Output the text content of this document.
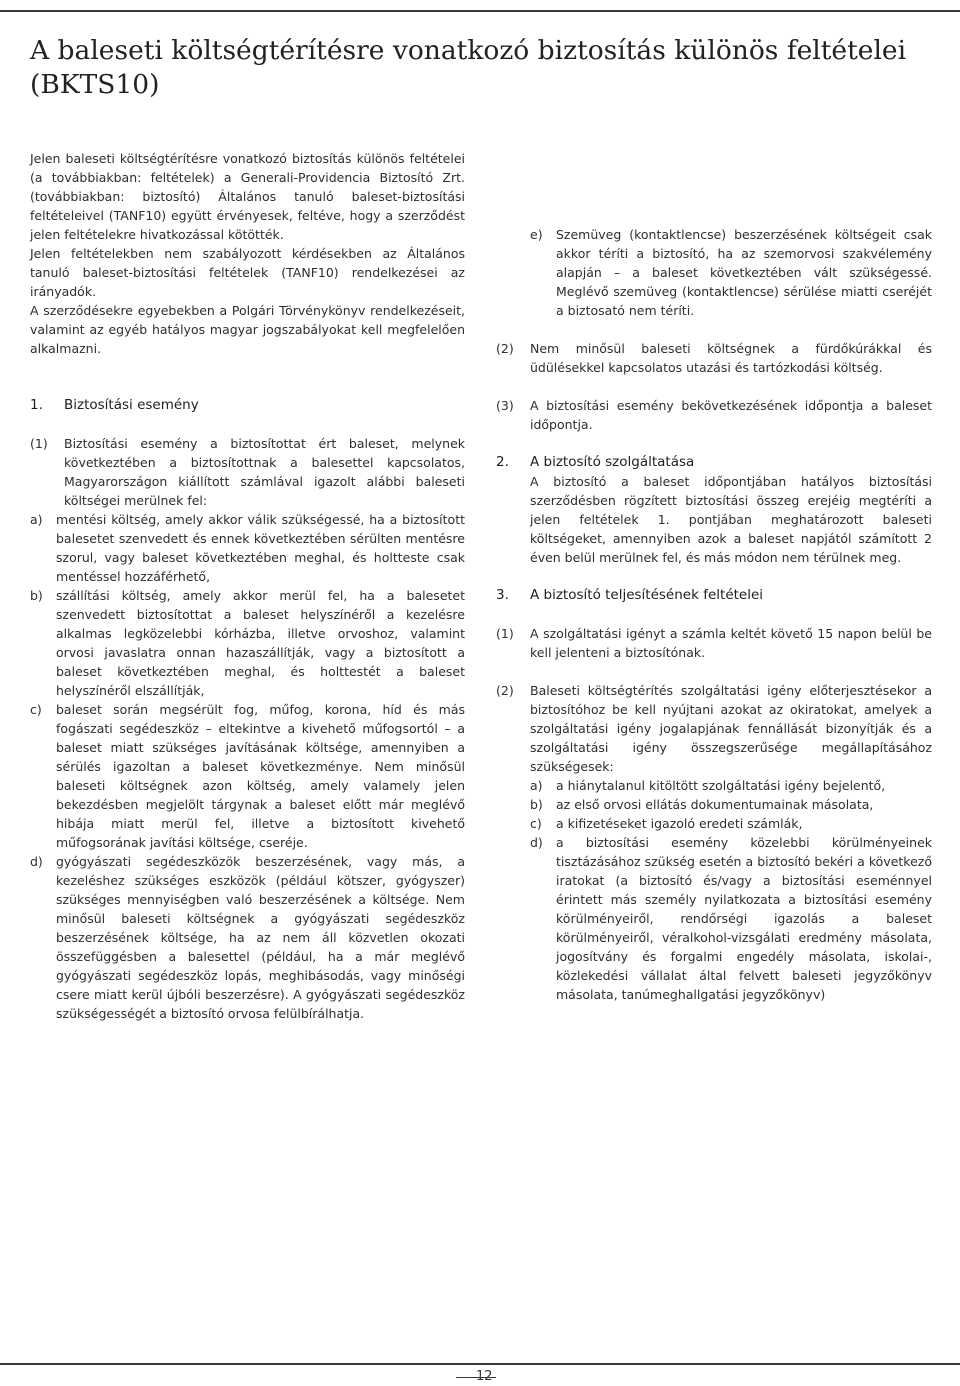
A baleseti költségtérítésre vonatkozó biztosítás különös feltételei (BKTS10)

Jelen baleseti költségtérítésre vonatkozó biztosítás különös feltételei (a továbbiakban: feltételek) a Generali-Providencia Biztosító Zrt. (továbbiakban: biztosító) Általános tanuló baleset-biztosítási feltételeivel (TANF10) együtt érvényesek, feltéve, hogy a szerződést jelen feltételekre hivatkozással kötötték.

Jelen feltételekben nem szabályozott kérdésekben az Általános tanuló baleset-biztosítási feltételek (TANF10) rendelkezései az irányadók.

A szerződésekre egyebekben a Polgári Törvénykönyv rendelkezéseit, valamint az egyéb hatályos magyar jogszabályokat kell megfelelően alkalmazni.

1. Biztosítási esemény
(1) Biztosítási esemény a biztosítottat ért baleset, melynek következtében a biztosítottnak a balesettel kapcsolatos, Magyarországon kiállított számlával igazolt alábbi baleseti költségei merülnek fel:
a) mentési költség, amely akkor válik szükségessé, ha a biztosított balesetet szenvedett és ennek következtében sérülten mentésre szorul, vagy baleset következtében meghal, és holtteste csak mentéssel hozzáférhető,
b) szállítási költség, amely akkor merül fel, ha a balesetet szenvedett biztosítottat a baleset helyszínéről a kezelésre alkalmas legközelebbi kórházba, illetve orvoshoz, valamint orvosi javaslatra onnan hazaszállítják, vagy a biztosított a baleset következtében meghal, és holttestét a baleset helyszínéről elszállítják,
c) baleset során megsérült fog, műfog, korona, híd és más fogászati segédeszköz – eltekintve a kivehető műfogsortól – a baleset miatt szükséges javításának költsége, amennyiben a sérülés igazoltan a baleset következménye. Nem minősül baleseti költségnek azon költség, amely valamely jelen bekezdésben megjelölt tárgynak a baleset előtt már meglévő hibája miatt merül fel, illetve a biztosított kivehető műfogsorának javítási költsége, cseréje.
d) gyógyászati segédeszközök beszerzésének, vagy más, a kezeléshez szükséges eszközök (például kötszer, gyógyszer) szükséges mennyiségben való beszerzésének a költsége. Nem minősül baleseti költségnek a gyógyászati segédeszköz beszerzésének költsége, ha az nem áll közvetlen okozati összefüggésben a balesettel (például, ha a már meglévő gyógyászati segédeszköz lopás, meghibásodás, vagy minőségi csere miatt kerül újbóli beszerzésre). A gyógyászati segédeszköz szükségességét a biztosító orvosa felülbírálhatja.
e) Szemüveg (kontaktlencse) beszerzésének költségeit csak akkor téríti a biztosító, ha az szemorvosi szakvélemény alapján – a baleset következtében vált szükségessé. Meglévő szemüveg (kontaktlencse) sérülése miatti cseréjét a biztosató nem téríti.

(2) Nem minősül baleseti költségnek a fürdőkúrákkal és üdülésekkel kapcsolatos utazási és tartózkodási költség.
(3) A biztosítási esemény bekövetkezésének időpontja a baleset időpontja.
2. A biztosító szolgáltatása

A biztosító a baleset időpontjában hatályos biztosítási szerződésben rögzített biztosítási összeg erejéig megtéríti a jelen feltételek 1. pontjában meghatározott baleseti költségeket, amennyiben azok a baleset napjától számított 2 éven belül merülnek fel, és más módon nem térülnek meg.

3. A biztosító teljesítésének feltételei
(1) A szolgáltatási igényt a számla keltét követő 15 napon belül be kell jelenteni a biztosítónak.
(2) Baleseti költségtérítés szolgáltatási igény előterjesztésekor a biztosítóhoz be kell nyújtani azokat az okiratokat, amelyek a szolgáltatási igény jogalapjának fennállását bizonyítják és a szolgáltatási igény összegszerűsége megállapításához szükségesek:
a) a hiánytalanul kitöltött szolgáltatási igény bejelentő,
b) az első orvosi ellátás dokumentumainak másolata,
c) a kifizetéseket igazoló eredeti számlák,
d) a biztosítási esemény közelebbi körülményeinek tisztázásához szükség esetén a biztosító bekéri a következő iratokat (a biztosító és/vagy a biztosítási eseménnyel érintett más személy nyilatkozata a biztosítási esemény körülményeiről, rendőrségi igazolás a baleset körülményeiről, véralkohol-vizsgálati eredmény másolata, jogosítvány és forgalmi engedély másolata, iskolai-, közlekedési vállalat által felvett baleseti jegyzőkönyv másolata, tanúmeghallgatási jegyzőkönyv)
12
